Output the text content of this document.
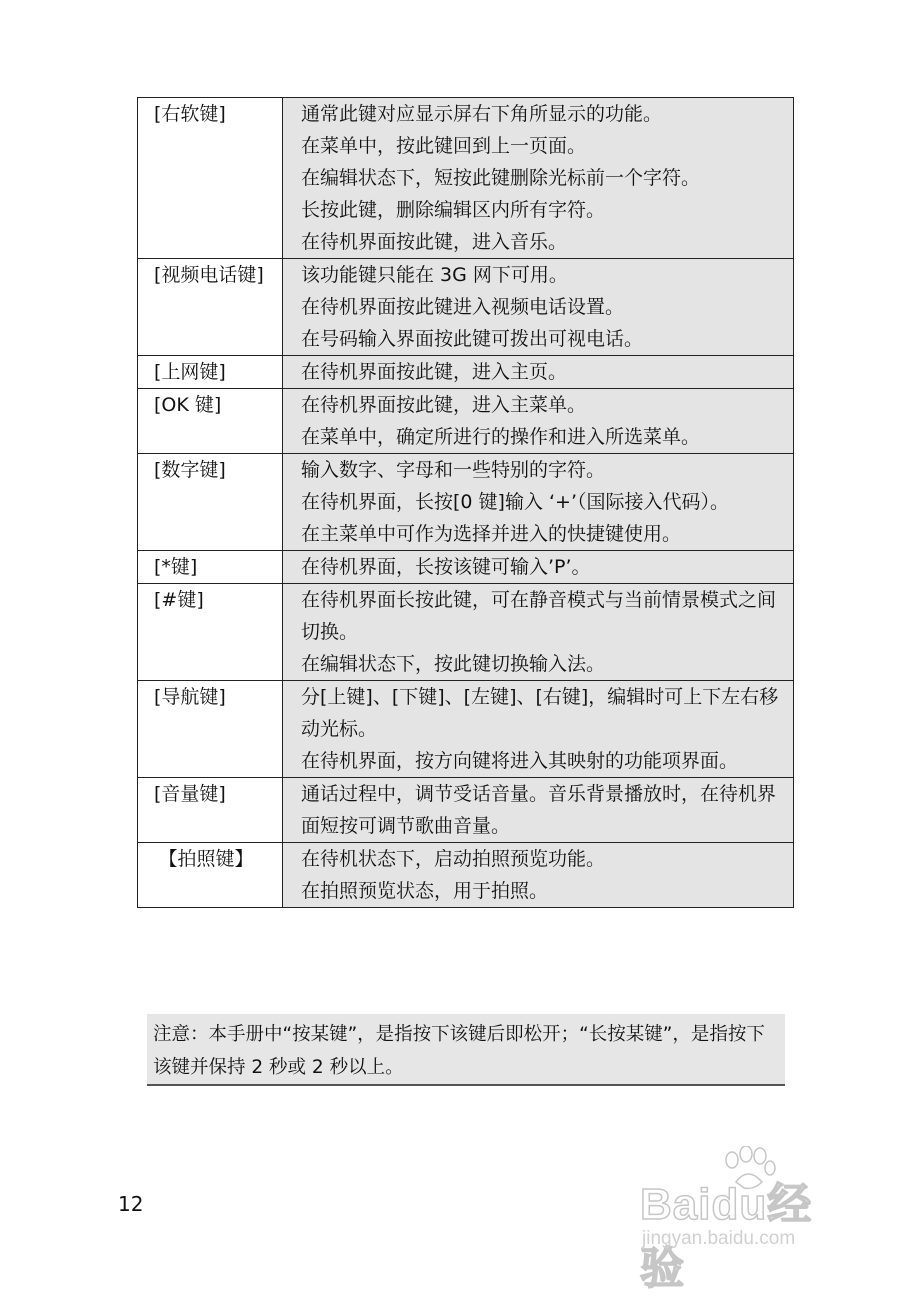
[右软键]	通常此键对应显示屏右下角所显示的功能。
在菜单中，按此键回到上一页面。
在编辑状态下，短按此键删除光标前一个字符。
长按此键，删除编辑区内所有字符。
在待机界面按此键，进入音乐。

[视频电话键]	该功能键只能在 3G 网下可用。
在待机界面按此键进入视频电话设置。
在号码输入界面按此键可拨出可视电话。

[上网键]	在待机界面按此键，进入主页。

[OK 键]	在待机界面按此键，进入主菜单。
在菜单中，确定所进行的操作和进入所选菜单。

[数字键]	输入数字、字母和一些特别的字符。
在待机界面，长按[0 键]输入 ‘+’（国际接入代码）。
在主菜单中可作为选择并进入的快捷键使用。

[*键]	在待机界面，长按该键可输入’P’。

[#键]	在待机界面长按此键，可在静音模式与当前情景模式之间切换。
在编辑状态下，按此键切换输入法。

[导航键]	分[上键]、[下键]、[左键]、[右键]，编辑时可上下左右移动光标。
在待机界面，按方向键将进入其映射的功能项界面。

[音量键]	通话过程中，调节受话音量。音乐背景播放时，在待机界面短按可调节歌曲音量。

【拍照键】	在待机状态下，启动拍照预览功能。
在拍照预览状态，用于拍照。
注意：本手册中“按某键”，是指按下该键后即松开；“长按某键”，是指按下该键并保持 2 秒或 2 秒以上。
12	Baidu经验
jingyan.baidu.com
